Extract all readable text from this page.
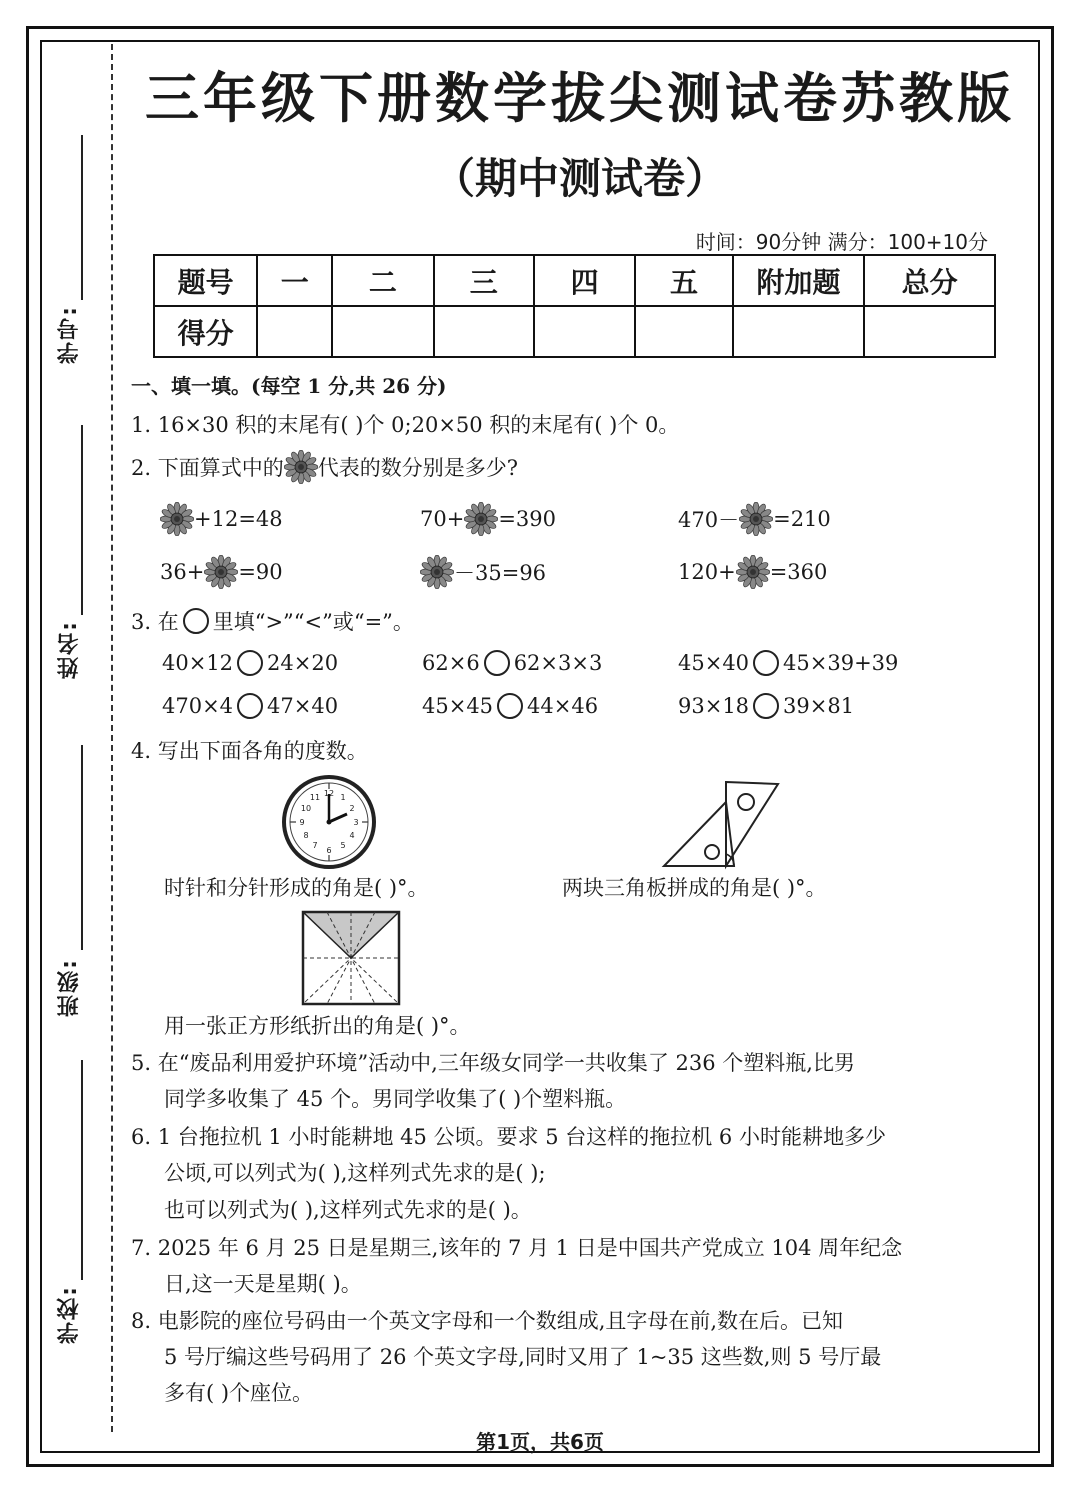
学号:
姓名:
班级:
学校:
三年级下册数学拔尖测试卷苏教版
（期中测试卷）
时间：90分钟 满分：100+10分
题号	一	二	三	四	五	附加题	总分
得分							
一、填一填。(每空 1 分,共 26 分)
1. 16×30 积的末尾有( )个 0;20×50 积的末尾有( )个 0。
2. 下面算式中的 代表的数分别是多少?
+12=48	70+ =390	470－ =210
36+ =90	－35=96	120+ =360
3. 在 里填“>”“<”或“=”。
40×12 24×20	62×6 62×3×3	45×40 45×39+39
470×4 47×40	45×45 44×46	93×18 39×81
4. 写出下面各角的度数。
12 1
2
3
4
5
6
7
8
9
10
11
时针和分针形成的角是( )°。	两块三角板拼成的角是( )°。
用一张正方形纸折出的角是( )°。
5. 在“废品利用爱护环境”活动中,三年级女同学一共收集了 236 个塑料瓶,比男
同学多收集了 45 个。男同学收集了( )个塑料瓶。
6. 1 台拖拉机 1 小时能耕地 45 公顷。要求 5 台这样的拖拉机 6 小时能耕地多少
公顷,可以列式为( ),这样列式先求的是( );
也可以列式为( ),这样列式先求的是( )。
7. 2025 年 6 月 25 日是星期三,该年的 7 月 1 日是中国共产党成立 104 周年纪念
日,这一天是星期( )。
8. 电影院的座位号码由一个英文字母和一个数组成,且字母在前,数在后。已知
5 号厅编这些号码用了 26 个英文字母,同时又用了 1~35 这些数,则 5 号厅最
多有( )个座位。
第1页，共6页
